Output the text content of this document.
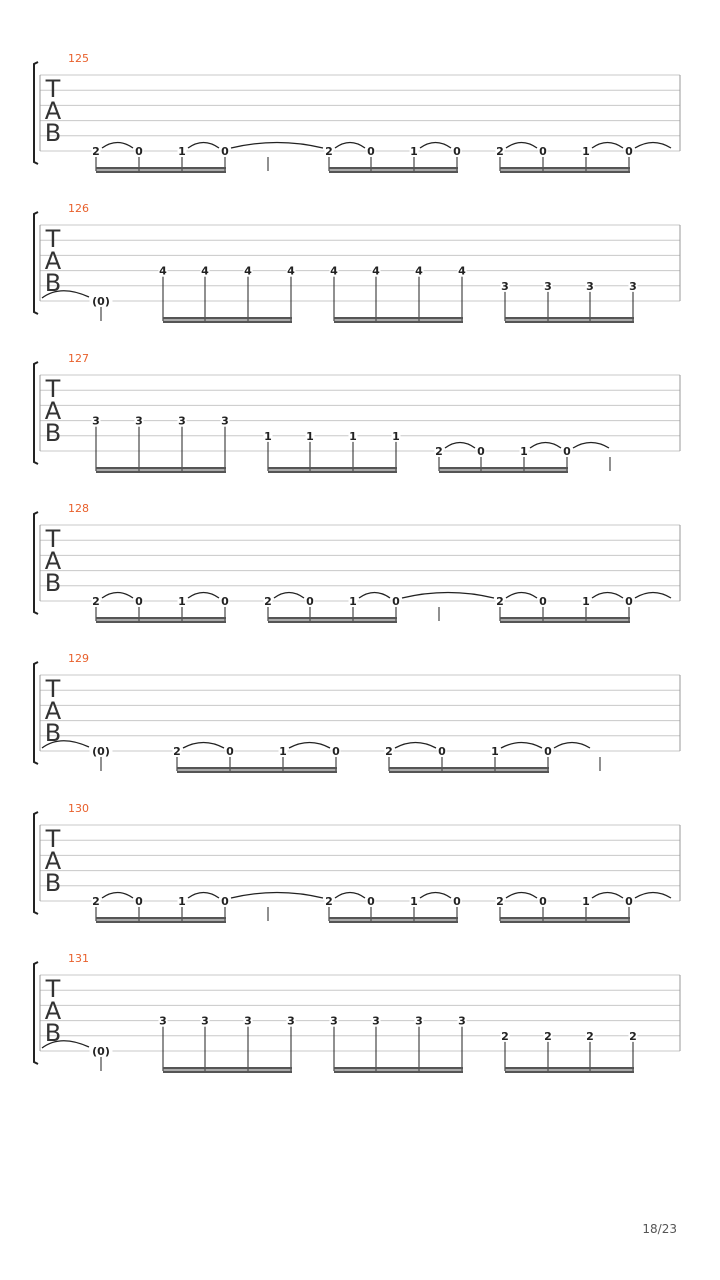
125
T
A
B
2	0	1	0	2	0	1	0	2	0	1	0
126
T
A
B
(0)
4	4	4	4	4	4	4	4
3	3	3	3
127
T
A
B	3	3	3	3
1	1	1	1
2	0	1	0
128
T
A
B
2	0	1	0	2	0	1	0	2	0	1	0
129
T
A
B
(0)	2	0	1	0	2	0	1	0
130
T
A
B
2	0	1	0	2	0	1	0	2	0	1	0
131
T
A
B
(0)
3	3	3	3	3	3	3	3
2	2	2	2
18/23
